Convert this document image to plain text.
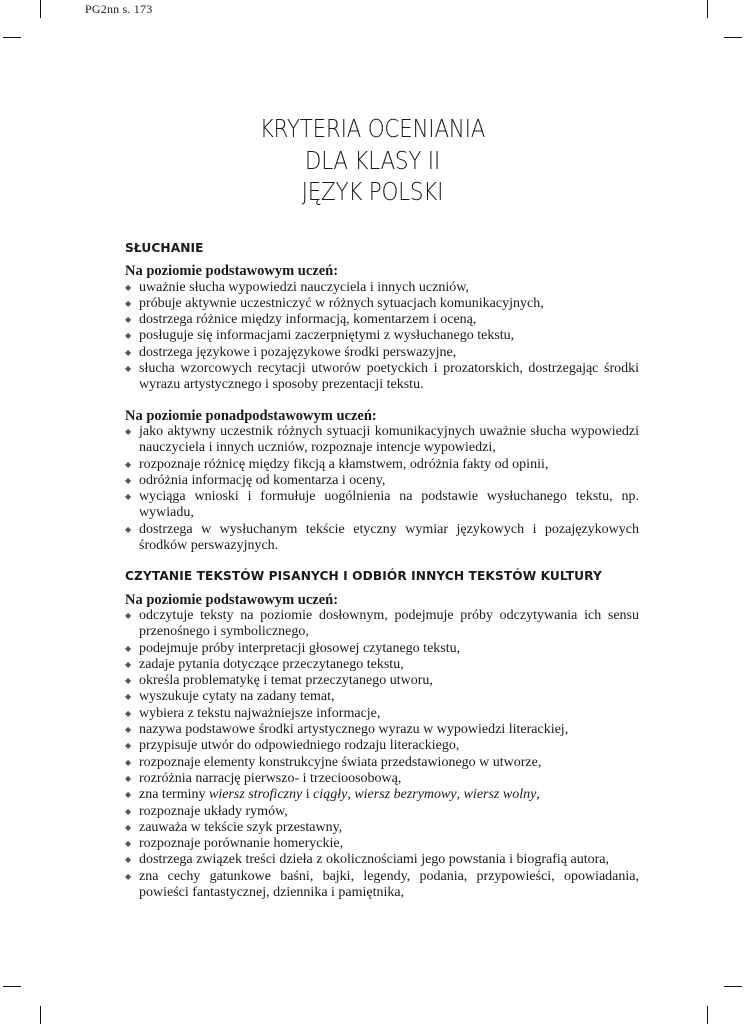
PG2nn s. 173
KRYTERIA OCENIANIA
DLA KLASY II
JĘZYK POLSKI
SŁUCHANIE
Na poziomie podstawowym uczeń:
◆ uważnie słucha wypowiedzi nauczyciela i innych uczniów,
◆ próbuje aktywnie uczestniczyć w różnych sytuacjach komunikacyjnych,
◆ dostrzega różnice między informacją, komentarzem i oceną,
◆ posługuje się informacjami zaczerpniętymi z wysłuchanego tekstu,
◆ dostrzega językowe i pozajęzykowe środki perswazyjne,
◆ słucha wzorcowych recytacji utworów poetyckich i prozatorskich, dostrzegając środki wyrazu artystycznego i sposoby prezentacji tekstu.
Na poziomie ponadpodstawowym uczeń:
◆ jako aktywny uczestnik różnych sytuacji komunikacyjnych uważnie słucha wypowiedzi nauczyciela i innych uczniów, rozpoznaje intencje wypowiedzi,
◆ rozpoznaje różnicę między fikcją a kłamstwem, odróżnia fakty od opinii,
◆ odróżnia informację od komentarza i oceny,
◆ wyciąga wnioski i formułuje uogólnienia na podstawie wysłuchanego tekstu, np. wywiadu,
◆ dostrzega w wysłuchanym tekście etyczny wymiar językowych i pozajęzykowych środków perswazyjnych.
CZYTANIE TEKSTÓW PISANYCH I ODBIÓR INNYCH TEKSTÓW KULTURY
Na poziomie podstawowym uczeń:
◆ odczytuje teksty na poziomie dosłownym, podejmuje próby odczytywania ich sensu przenośnego i symbolicznego,
◆ podejmuje próby interpretacji głosowej czytanego tekstu,
◆ zadaje pytania dotyczące przeczytanego tekstu,
◆ określa problematykę i temat przeczytanego utworu,
◆ wyszukuje cytaty na zadany temat,
◆ wybiera z tekstu najważniejsze informacje,
◆ nazywa podstawowe środki artystycznego wyrazu w wypowiedzi literackiej,
◆ przypisuje utwór do odpowiedniego rodzaju literackiego,
◆ rozpoznaje elementy konstrukcyjne świata przedstawionego w utworze,
◆ rozróżnia narrację pierwszo- i trzecioosobową,
◆ zna terminy wiersz stroficzny i ciągły, wiersz bezrymowy, wiersz wolny,
◆ rozpoznaje układy rymów,
◆ zauważa w tekście szyk przestawny,
◆ rozpoznaje porównanie homeryckie,
◆ dostrzega związek treści dzieła z okolicznościami jego powstania i biografią autora,
◆ zna cechy gatunkowe baśni, bajki, legendy, podania, przypowieści, opowiadania, powieści fantastycznej, dziennika i pamiętnika,
